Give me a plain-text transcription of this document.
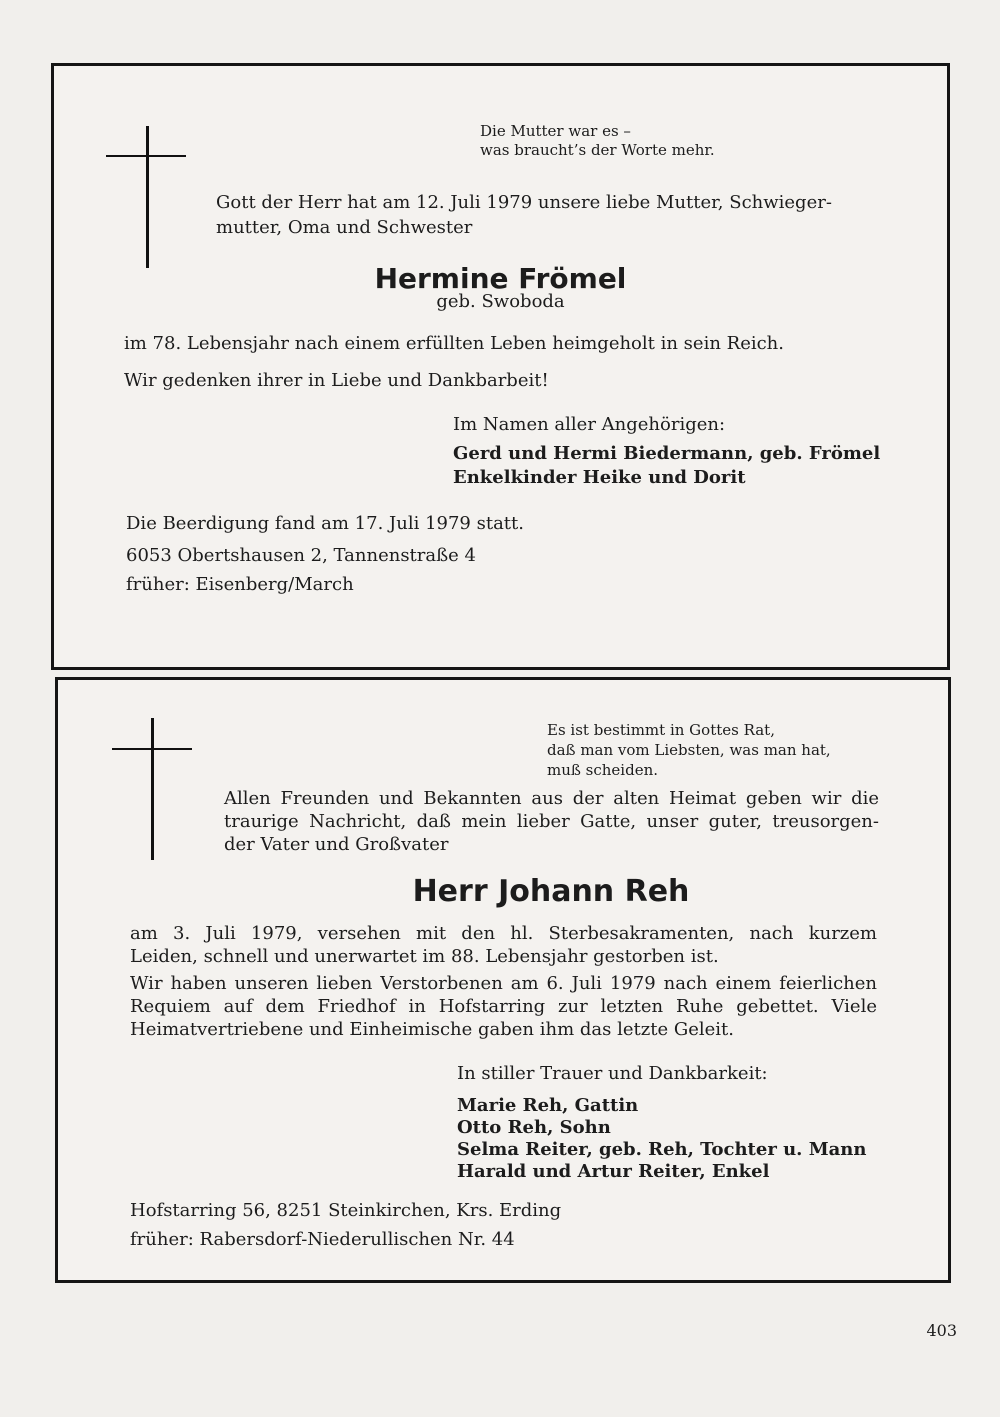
Die Mutter war es –

was braucht’s der Worte mehr.

Gott der Herr hat am 12. Juli 1979 unsere liebe Mutter, Schwieger-

mutter, Oma und Schwester

Hermine Frömel

geb. Swoboda

im 78. Lebensjahr nach einem erfüllten Leben heimgeholt in sein Reich.

Wir gedenken ihrer in Liebe und Dankbarbeit!

Im Namen aller Angehörigen:

Gerd und Hermi Biedermann, geb. Frömel

Enkelkinder Heike und Dorit

Die Beerdigung fand am 17. Juli 1979 statt.

6053 Obertshausen 2, Tannenstraße 4

früher: Eisenberg/March

Es ist bestimmt in Gottes Rat,

daß man vom Liebsten, was man hat,

muß scheiden.

Allen Freunden und Bekannten aus der alten Heimat geben wir die

traurige Nachricht, daß mein lieber Gatte, unser guter, treusorgen-

der Vater und Großvater

Herr Johann Reh

am 3. Juli 1979, versehen mit den hl. Sterbesakramenten, nach kurzem

Leiden, schnell und unerwartet im 88. Lebensjahr gestorben ist.

Wir haben unseren lieben Verstorbenen am 6. Juli 1979 nach einem feierlichen

Requiem auf dem Friedhof in Hofstarring zur letzten Ruhe gebettet. Viele

Heimatvertriebene und Einheimische gaben ihm das letzte Geleit.

In stiller Trauer und Dankbarkeit:

Marie Reh, Gattin

Otto Reh, Sohn

Selma Reiter, geb. Reh, Tochter u. Mann

Harald und Artur Reiter, Enkel

Hofstarring 56, 8251 Steinkirchen, Krs. Erding

früher: Rabersdorf-Niederullischen Nr. 44

403
